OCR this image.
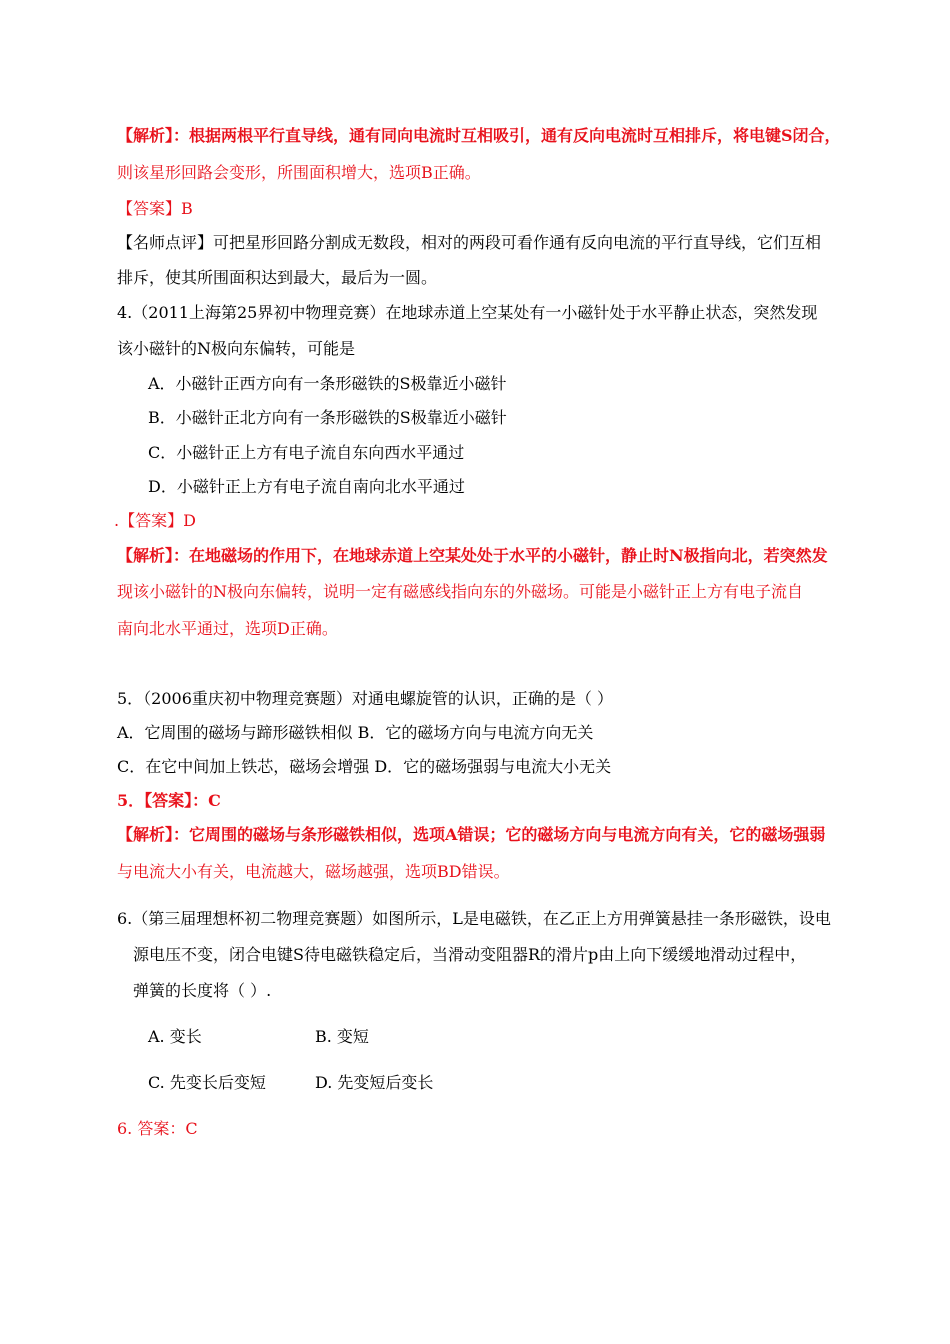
【解析】：根据两根平行直导线，通有同向电流时互相吸引，通有反向电流时互相排斥，将电键S闭合，
则该星形回路会变形，所围面积增大，选项B正确。
【答案】B
【名师点评】可把星形回路分割成无数段，相对的两段可看作通有反向电流的平行直导线，它们互相
排斥，使其所围面积达到最大，最后为一圆。
4.（2011上海第25界初中物理竞赛）在地球赤道上空某处有一小磁针处于水平静止状态，突然发现
该小磁针的N极向东偏转，可能是
A．小磁针正西方向有一条形磁铁的S极靠近小磁针
B．小磁针正北方向有一条形磁铁的S极靠近小磁针
C．小磁针正上方有电子流自东向西水平通过
D．小磁针正上方有电子流自南向北水平通过
.【答案】D
【解析】：在地磁场的作用下，在地球赤道上空某处处于水平的小磁针，静止时N极指向北，若突然发
现该小磁针的N极向东偏转，说明一定有磁感线指向东的外磁场。可能是小磁针正上方有电子流自
南向北水平通过，选项D正确。
5．（2006重庆初中物理竞赛题）对通电螺旋管的认识，正确的是（ ）
A．它周围的磁场与蹄形磁铁相似 B．它的磁场方向与电流方向无关
C．在它中间加上铁芯，磁场会增强 D．它的磁场强弱与电流大小无关
5．【答案】：C
【解析】：它周围的磁场与条形磁铁相似，选项A错误；它的磁场方向与电流方向有关，它的磁场强弱
与电流大小有关，电流越大，磁场越强，选项BD错误。
6.（第三届理想杯初二物理竞赛题）如图所示，L是电磁铁，在乙正上方用弹簧悬挂一条形磁铁，设电
源电压不变，闭合电键S待电磁铁稳定后，当滑动变阻器R的滑片p由上向下缓缓地滑动过程中，
弹簧的长度将（ ）.
A. 变长	B. 变短
C. 先变长后变短	D. 先变短后变长
6. 答案：C
